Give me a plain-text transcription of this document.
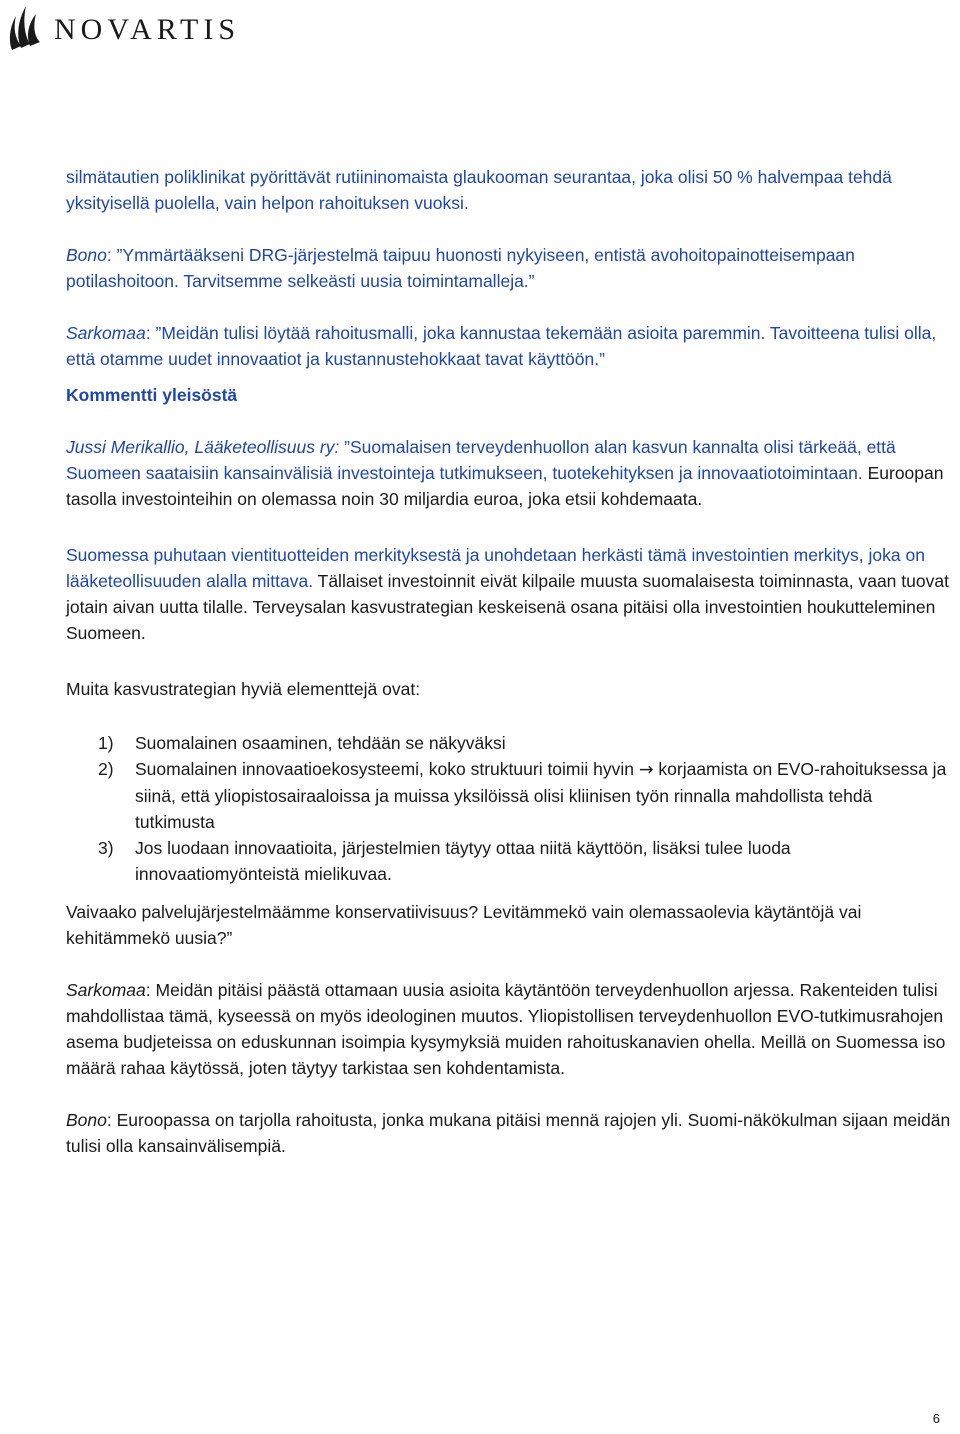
NOVARTIS

silmätautien poliklinikat pyörittävät rutiininomaista glaukooman seurantaa, joka olisi 50 % halvempaa tehdä yksityisellä puolella, vain helpon rahoituksen vuoksi.

Bono: ”Ymmärtääkseni DRG-järjestelmä taipuu huonosti nykyiseen, entistä avohoitopainotteisempaan potilashoitoon. Tarvitsemme selkeästi uusia toimintamalleja.”

Sarkomaa: ”Meidän tulisi löytää rahoitusmalli, joka kannustaa tekemään asioita paremmin. Tavoitteena tulisi olla, että otamme uudet innovaatiot ja kustannustehokkaat tavat käyttöön.”

Kommentti yleisöstä

Jussi Merikallio, Lääketeollisuus ry: ”Suomalaisen terveydenhuollon alan kasvun kannalta olisi tärkeää, että Suomeen saataisiin kansainvälisiä investointeja tutkimukseen, tuotekehityksen ja innovaatiotoimintaan. Euroopan tasolla investointeihin on olemassa noin 30 miljardia euroa, joka etsii kohdemaata.

Suomessa puhutaan vientituotteiden merkityksestä ja unohdetaan herkästi tämä investointien merkitys, joka on lääketeollisuuden alalla mittava. Tällaiset investoinnit eivät kilpaile muusta suomalaisesta toiminnasta, vaan tuovat jotain aivan uutta tilalle. Terveysalan kasvustrategian keskeisenä osana pitäisi olla investointien houkutteleminen Suomeen.

Muita kasvustrategian hyviä elementtejä ovat:

1)	Suomalainen osaaminen, tehdään se näkyväksi
2)	Suomalainen innovaatioekosysteemi, koko struktuuri toimii hyvin → korjaamista on EVO-rahoituksessa ja siinä, että yliopistosairaaloissa ja muissa yksilöissä olisi kliinisen työn rinnalla mahdollista tehdä tutkimusta
3)	Jos luodaan innovaatioita, järjestelmien täytyy ottaa niitä käyttöön, lisäksi tulee luoda innovaatiomyönteistä mielikuvaa.

Vaivaako palvelujärjestelmäämme konservatiivisuus? Levitämmekö vain olemassaolevia käytäntöjä vai kehitämmekö uusia?”

Sarkomaa: Meidän pitäisi päästä ottamaan uusia asioita käytäntöön terveydenhuollon arjessa. Rakenteiden tulisi mahdollistaa tämä, kyseessä on myös ideologinen muutos. Yliopistollisen terveydenhuollon EVO-tutkimusrahojen asema budjeteissa on eduskunnan isoimpia kysymyksiä muiden rahoituskanavien ohella. Meillä on Suomessa iso määrä rahaa käytössä, joten täytyy tarkistaa sen kohdentamista.

Bono: Euroopassa on tarjolla rahoitusta, jonka mukana pitäisi mennä rajojen yli. Suomi-näkökulman sijaan meidän tulisi olla kansainvälisempiä.

6
